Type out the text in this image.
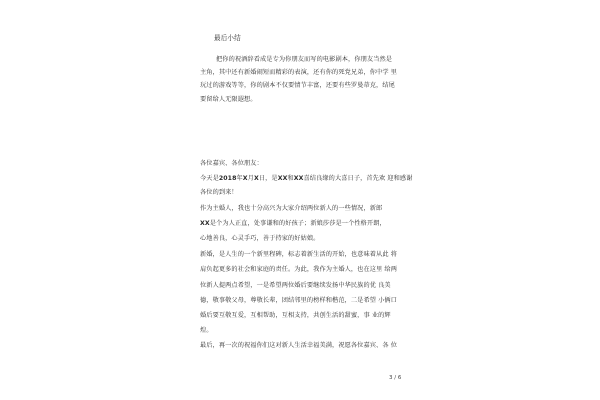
最后小结
把你的祝酒辞看成是专为你朋友而写的电影剧本，你朋友当然是
主角，其中还有新婚闹短而精彩的表演，还有你的死党兄弟，你中学 里
玩过的游戏等等，你的剧本不仅要情节丰富，还要有些罗曼蒂克，结尾
要留给人无限遐想。
各位嘉宾、各位朋友：
今天是2018年X月X日，是XX和XX喜结良缘的大喜日子，首先欢 迎和感谢
各位的到来！
作为主婚人，我也十分高兴为大家介绍两位新人的一些情况，新郎
XX是个为人正直，处事谦和的好孩子；新娘莎莎是一个性格开朗，
心地善良，心灵手巧，善于持家的好姑娘。
新婚，是人生的一个新里程碑，标志着新生活的开始，也意味着从此 将
肩负起更多的社会和家庭的责任。为此，我作为主婚人，也在这里 给两
位新人提两点希望，一是希望两位婚后要继续发扬中华民族的优 良美
德，敬事敬父母，尊敬长辈，团结邻里的榜样和楷范，二是希望 小俩口
婚后要互敬互爱，互相帮助，互相支持，共创生活的甜蜜，事 业的辉
煌。
最后，再一次的祝福你们这对新人生活幸福美满，祝愿各位嘉宾、各 位
3 / 6
